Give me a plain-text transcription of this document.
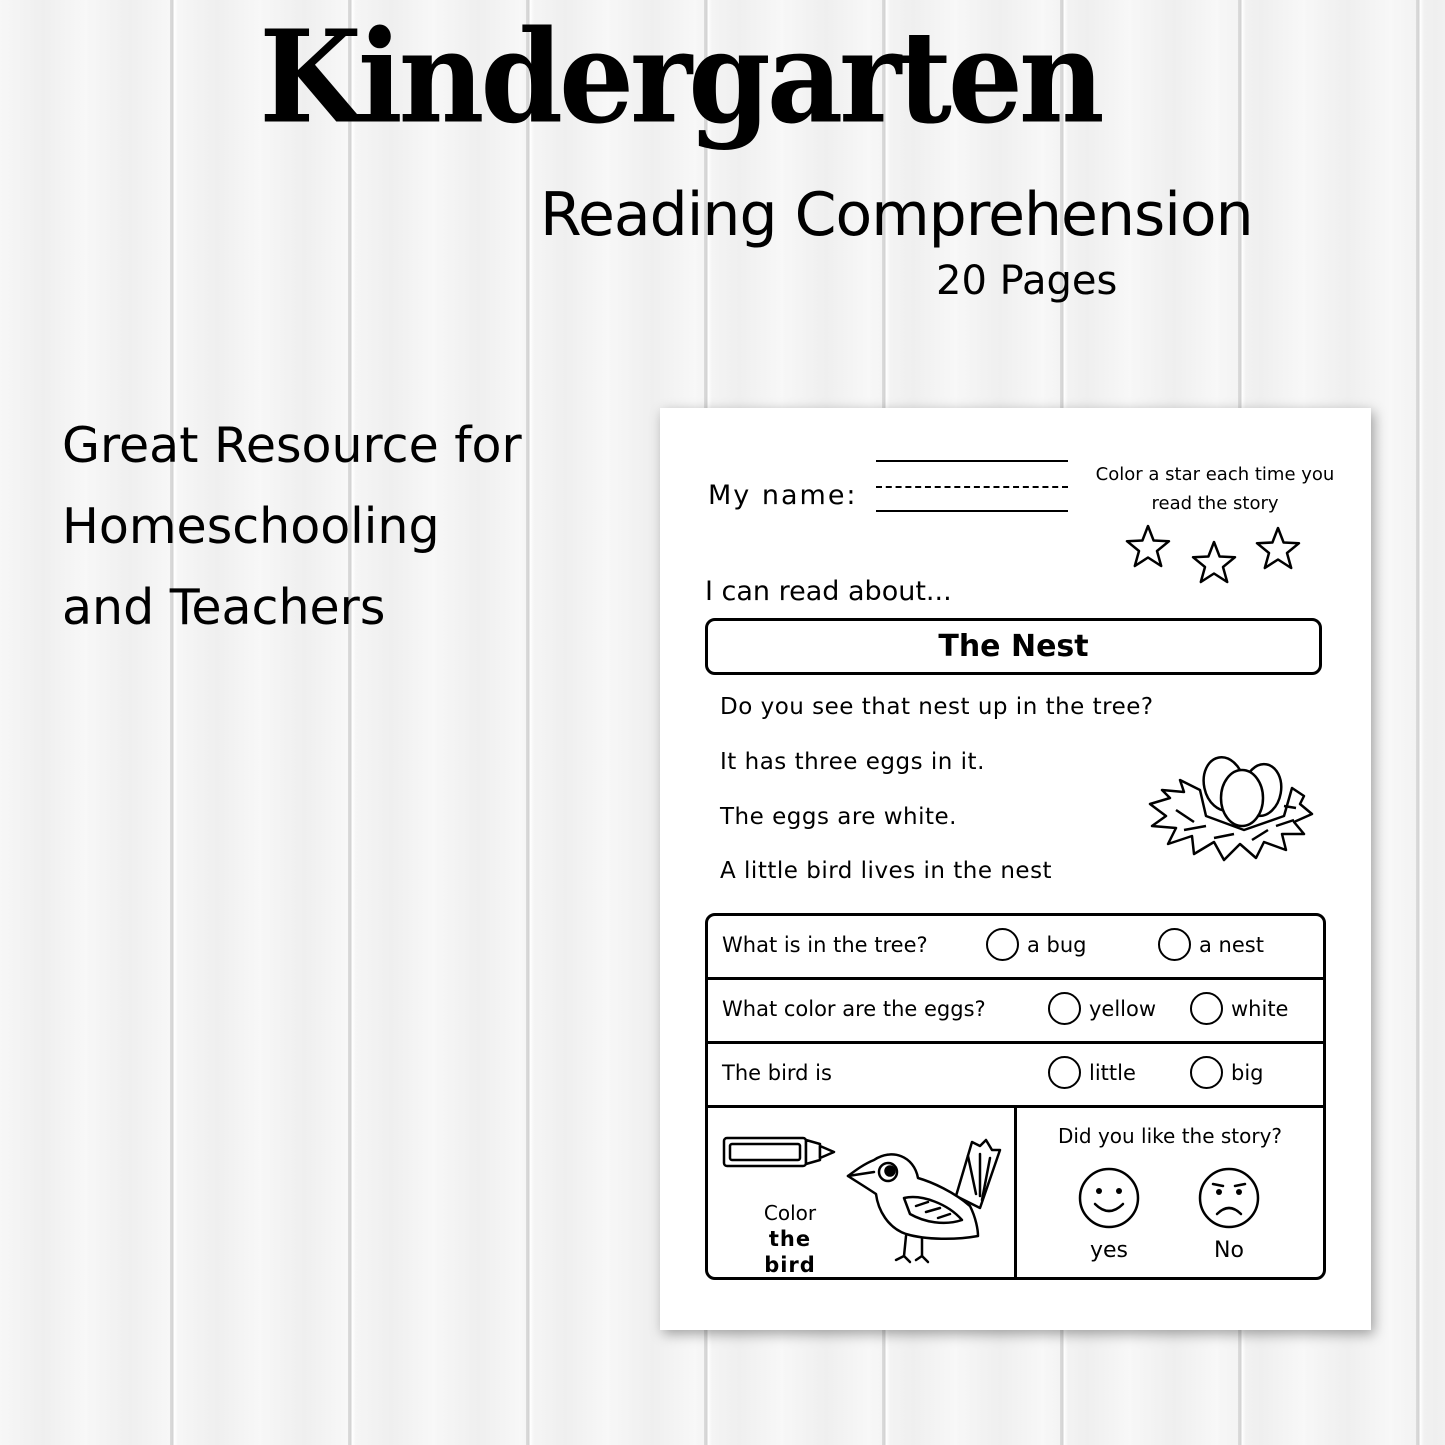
Kindergarten
Reading Comprehension
20 Pages
Great Resource for
Homeschooling
and Teachers
My name:
Color a star each time you read the story
I can read about...
The Nest
Do you see that nest up in the tree?
It has three eggs in it.
The eggs are white.
A little bird lives in the nest
What is in the tree?	a bug	a nest
What color are the eggs?	yellow	white
The bird is	little	big
Color
the bird
Did you like the story?
yes	No
